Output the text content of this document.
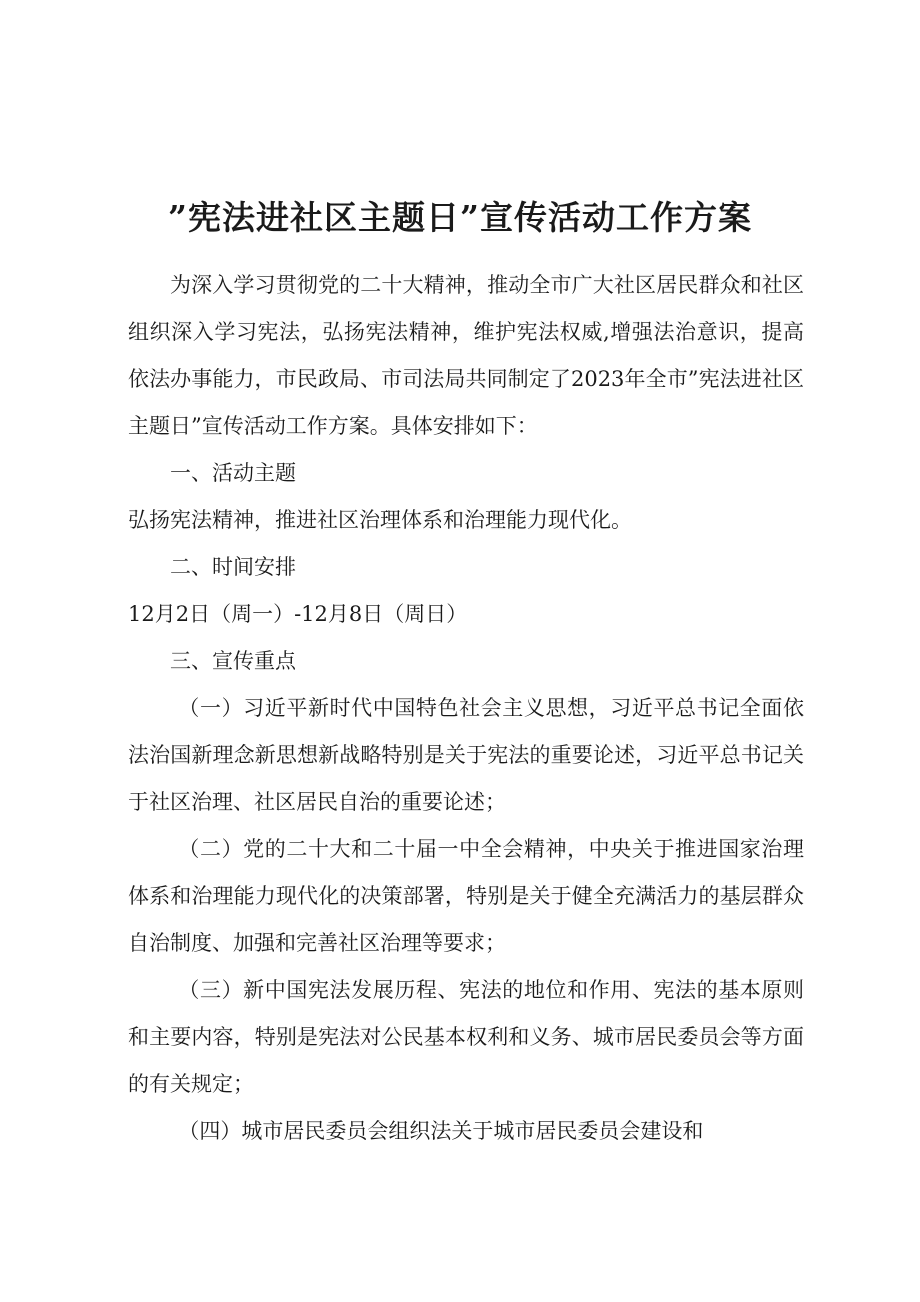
”宪法进社区主题日”宣传活动工作方案

为深入学习贯彻党的二十大精神，推动全市广大社区居民群众和社区组织深入学习宪法，弘扬宪法精神，维护宪法权威,增强法治意识，提高依法办事能力，市民政局、市司法局共同制定了2023年全市”宪法进社区主题日”宣传活动工作方案。具体安排如下：

一、活动主题

弘扬宪法精神，推进社区治理体系和治理能力现代化。

二、时间安排

12月2日（周一）-12月8日（周日）

三、宣传重点

（一）习近平新时代中国特色社会主义思想，习近平总书记全面依法治国新理念新思想新战略特别是关于宪法的重要论述，习近平总书记关于社区治理、社区居民自治的重要论述；

（二）党的二十大和二十届一中全会精神，中央关于推进国家治理体系和治理能力现代化的决策部署，特别是关于健全充满活力的基层群众自治制度、加强和完善社区治理等要求；

（三）新中国宪法发展历程、宪法的地位和作用、宪法的基本原则和主要内容，特别是宪法对公民基本权利和义务、城市居民委员会等方面的有关规定；

（四）城市居民委员会组织法关于城市居民委员会建设和
